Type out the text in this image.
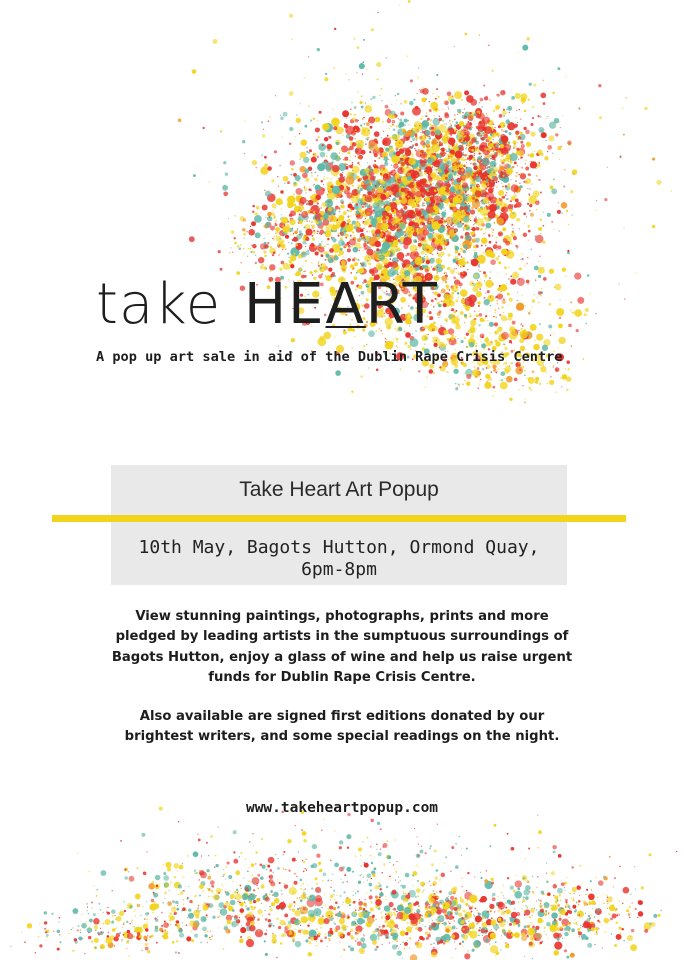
take HEART
A pop up art sale in aid of the Dublin Rape Crisis Centre
Take Heart Art Popup
10th May, Bagots Hutton, Ormond Quay,
6pm-8pm
View stunning paintings, photographs, prints and more
pledged by leading artists in the sumptuous surroundings of
Bagots Hutton, enjoy a glass of wine and help us raise urgent
funds for Dublin Rape Crisis Centre.
Also available are signed first editions donated by our
brightest writers, and some special readings on the night.
www.takeheartpopup.com
